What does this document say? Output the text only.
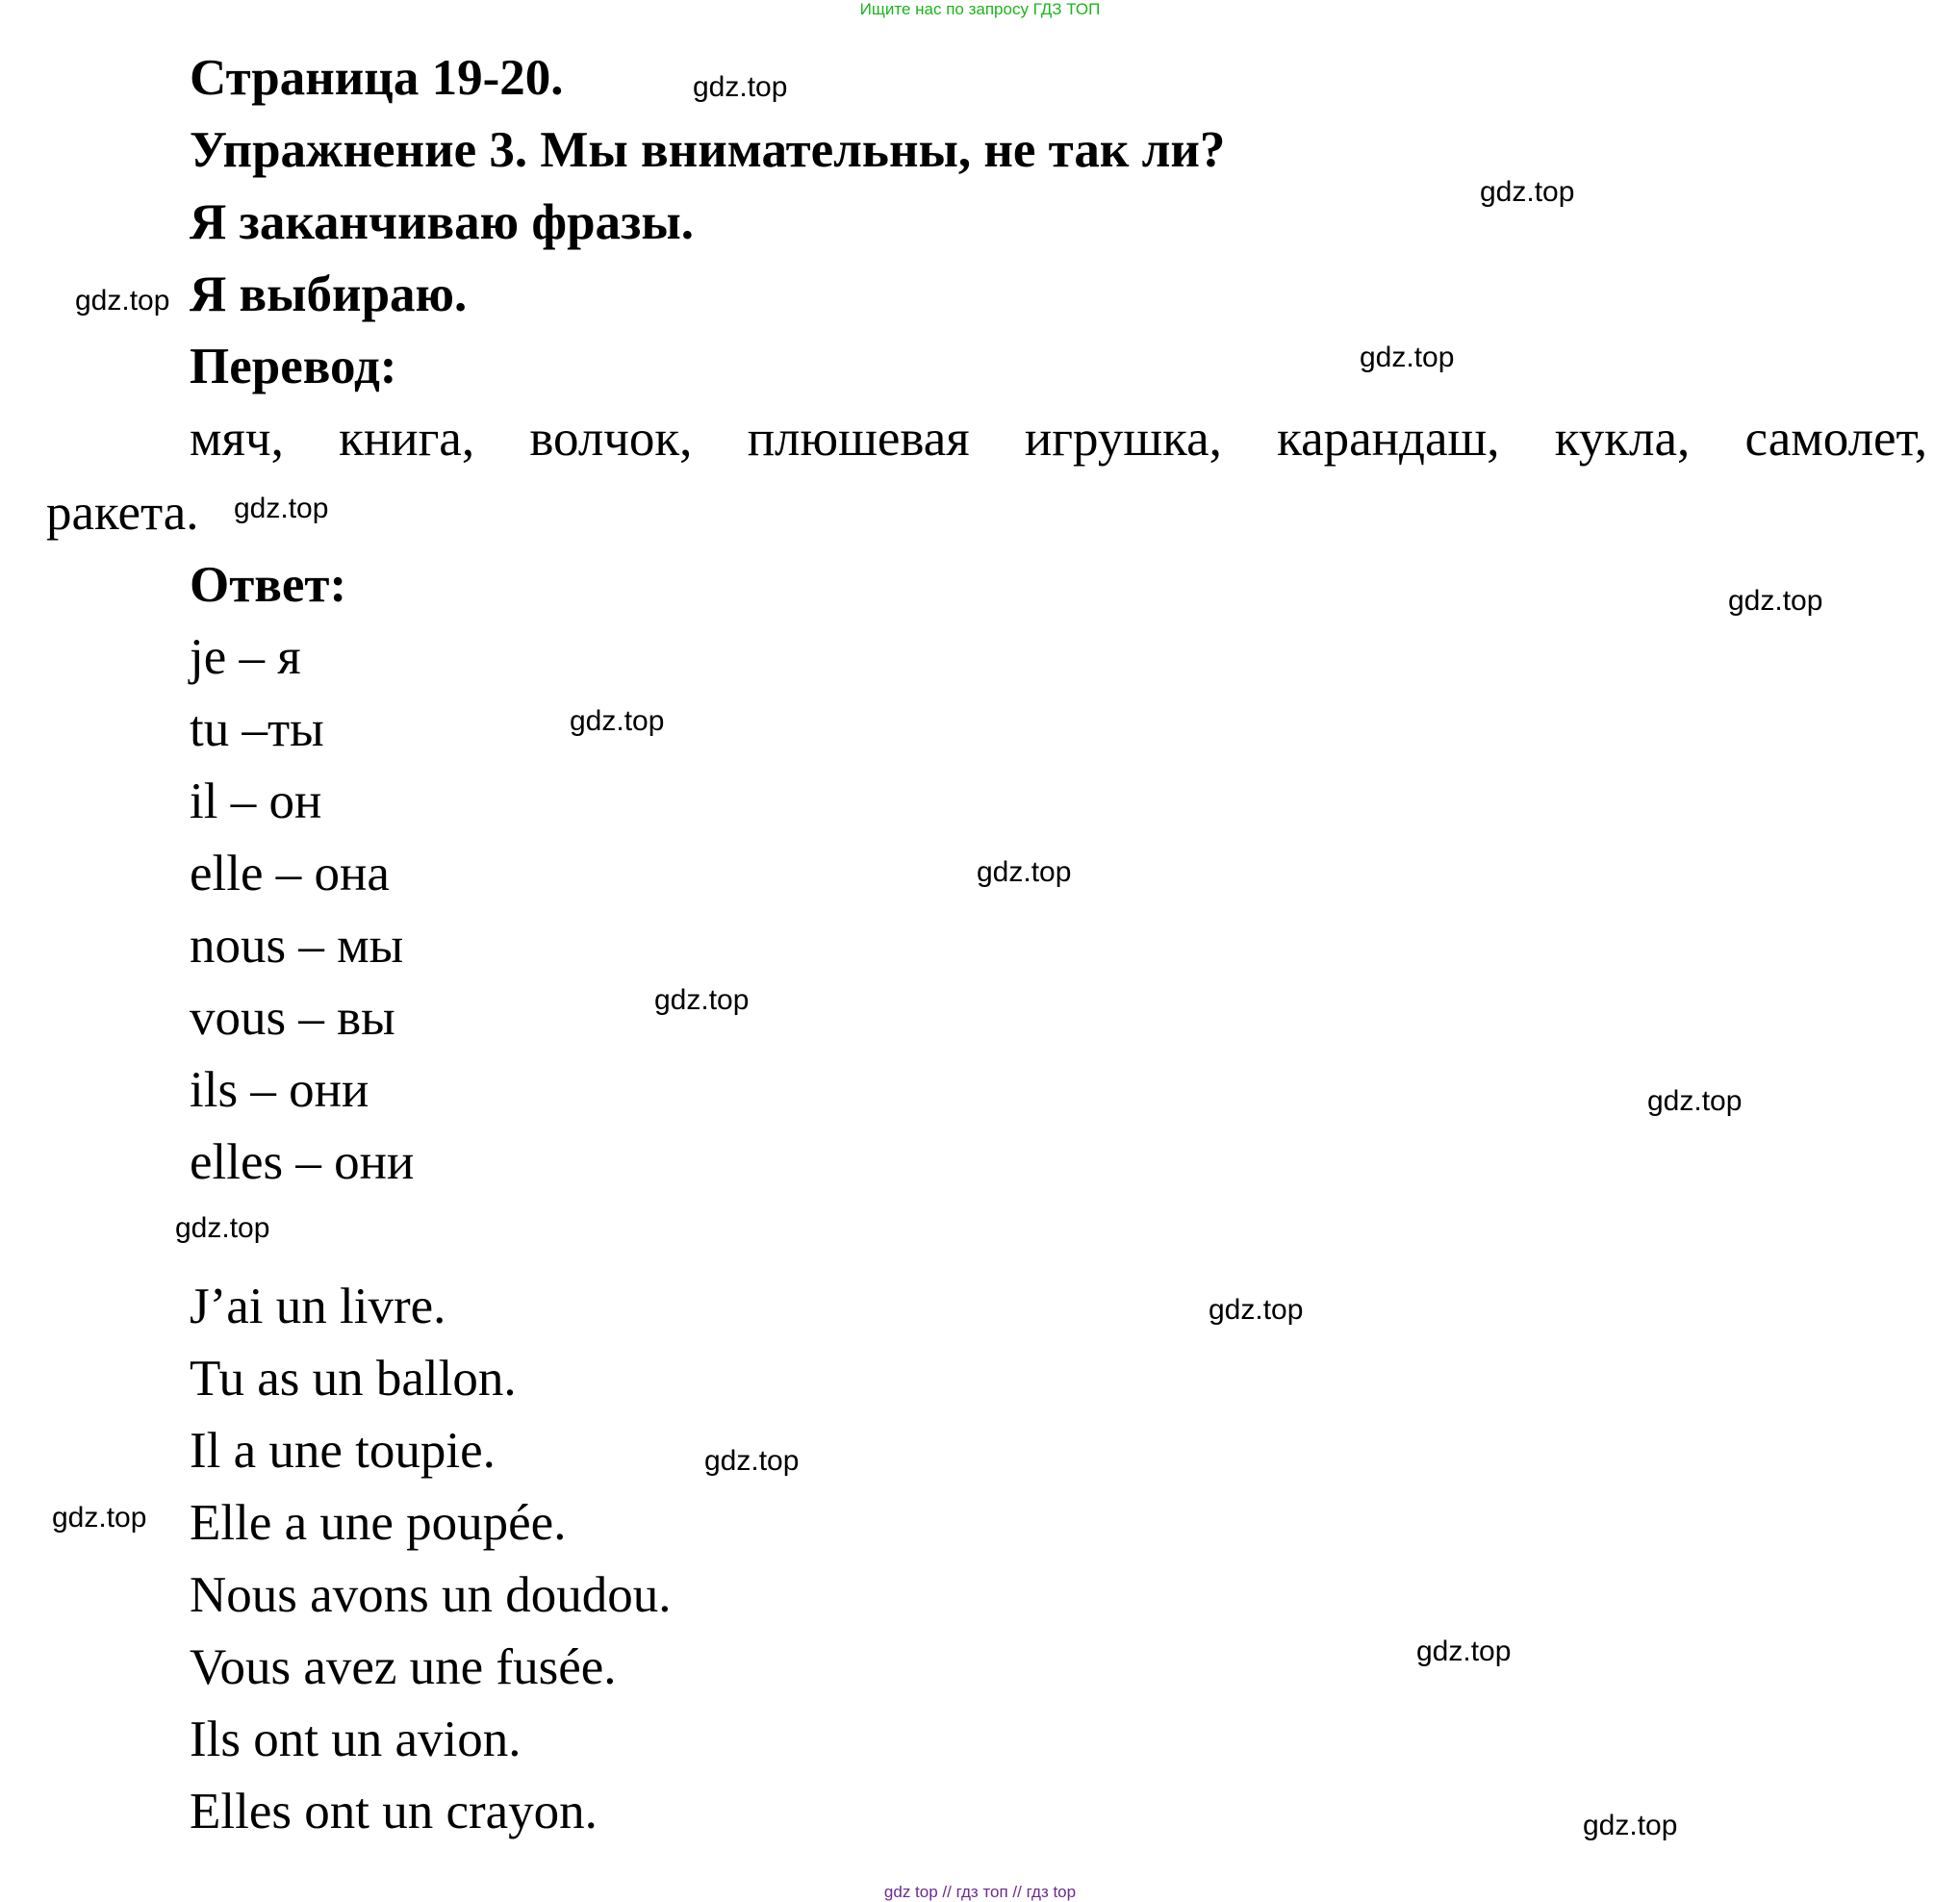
Ищите нас по запросу ГДЗ ТОП
Страница 19-20.
Упражнение 3. Мы внимательны, не так ли?
Я заканчиваю фразы.
Я выбираю.
Перевод:
мяч, книга, волчок, плюшевая игрушка, карандаш, кукла, самолет,
ракета.
Ответ:
je – я
tu –ты
il – он
elle – она
nous – мы
vous – вы
ils – они
elles – они
J’ai un livre.
Tu as un ballon.
Il a une toupie.
Elle a une poupée.
Nous avons un doudou.
Vous avez une fusée.
Ils ont un avion.
Elles ont un crayon.
gdz.top
gdz.top
gdz.top
gdz.top
gdz.top
gdz.top
gdz.top
gdz.top
gdz.top
gdz.top
gdz.top
gdz.top
gdz.top
gdz.top
gdz.top
gdz.top
gdz top // гдз топ // гдз top
